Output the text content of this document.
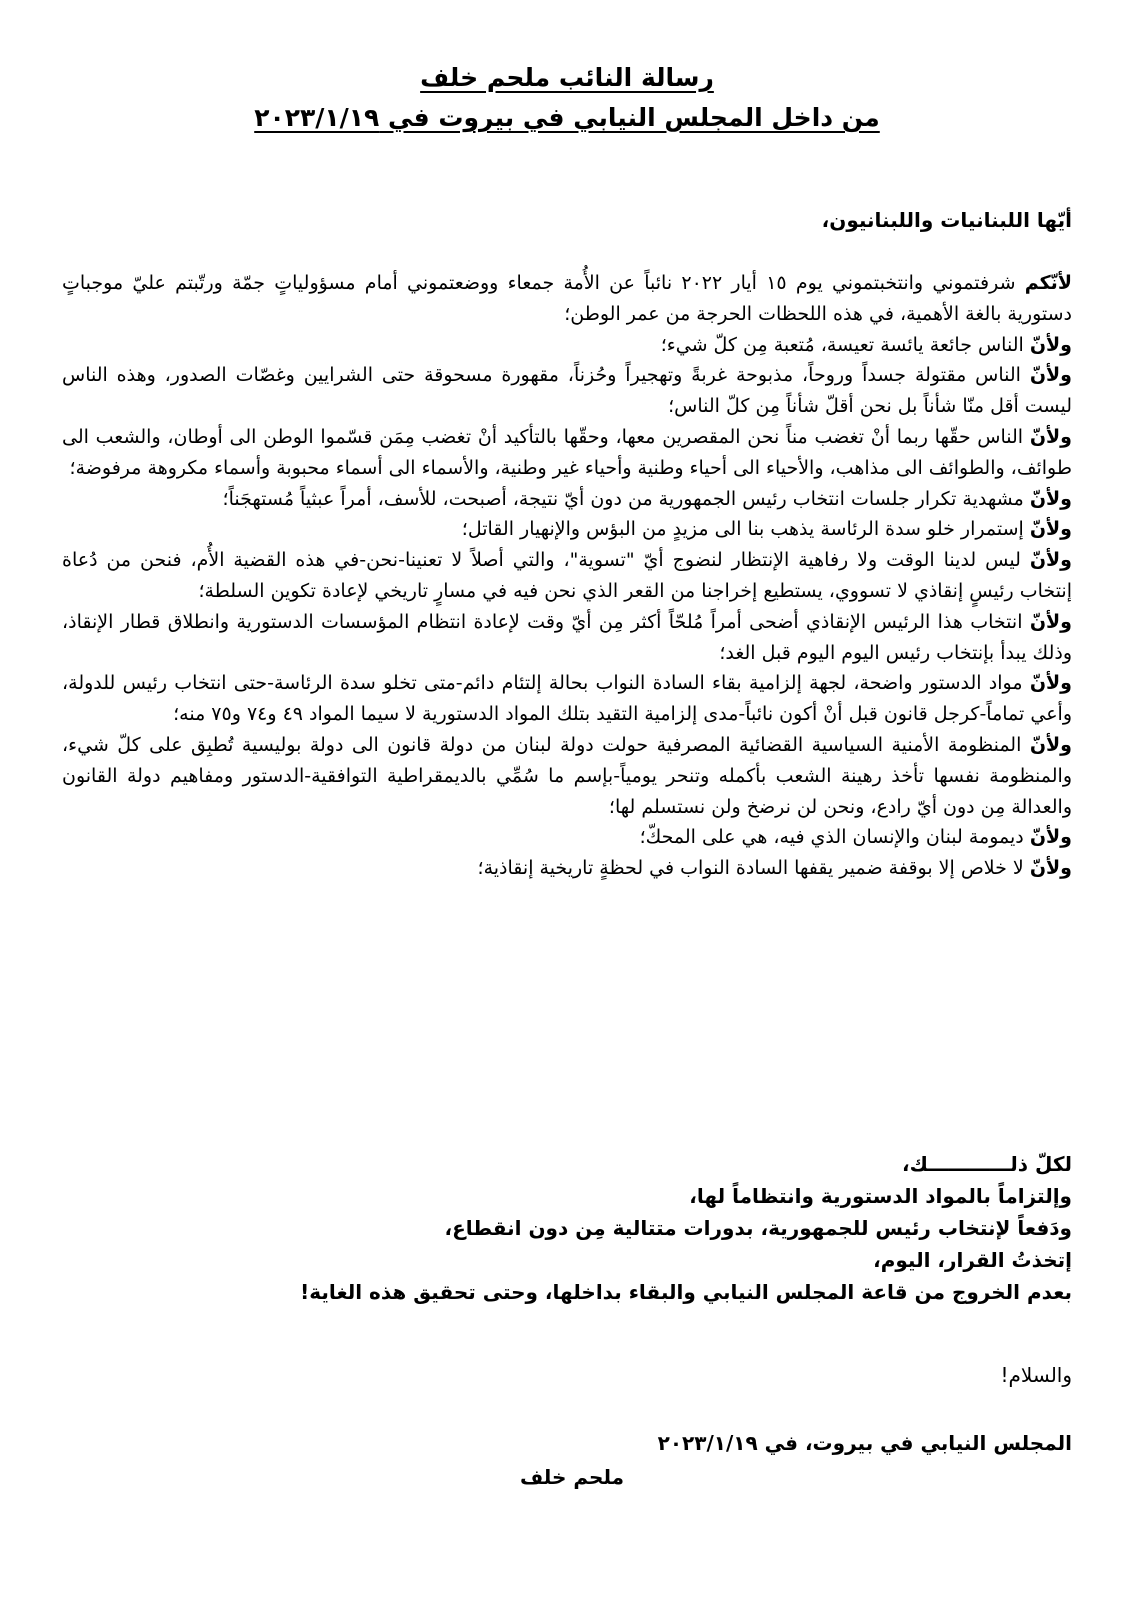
رسالة النائب ملحم خلف
من داخل المجلس النيابي في بيروت في ٢٠٢٣/١/١٩
أيّها اللبنانيات واللبنانيون،

لأنّكم شرفتموني وانتخبتموني يوم ١٥ أيار ٢٠٢٢ نائباً عن الأُمة جمعاء ووضعتموني أمام مسؤولياتٍ جمّة ورتّبتم عليّ موجباتٍ دستورية بالغة الأهمية، في هذه اللحظات الحرجة من عمر الوطن؛

ولأنّ الناس جائعة يائسة تعيسة، مُتعبة مِن كلّ شيء؛

ولأنّ الناس مقتولة جسداً وروحاً، مذبوحة غربةً وتهجيراً وحُزناً، مقهورة مسحوقة حتى الشرايين وغصّات الصدور، وهذه الناس ليست أقل منّا شأناً بل نحن أقلّ شأناً مِن كلّ الناس؛

ولأنّ الناس حقّها ربما أنْ تغضب مناً نحن المقصرين معها، وحقّها بالتأكيد أنْ تغضب مِمَن قسّموا الوطن الى أوطان، والشعب الى طوائف، والطوائف الى مذاهب، والأحياء الى أحياء وطنية وأحياء غير وطنية، والأسماء الى أسماء محبوبة وأسماء مكروهة مرفوضة؛

ولأنّ مشهدية تكرار جلسات انتخاب رئيس الجمهورية من دون أيّ نتيجة، أصبحت، للأسف، أمراً عبثياً مُستهجَناً؛

ولأنّ إستمرار خلو سدة الرئاسة يذهب بنا الى مزيدٍ من البؤس والإنهيار القاتل؛

ولأنّ ليس لدينا الوقت ولا رفاهية الإنتظار لنضوج أيّ "تسوية"، والتي أصلاً لا تعنينا-نحن-في هذه القضية الأُم، فنحن من دُعاة إنتخاب رئيسٍ إنقاذي لا تسووي، يستطيع إخراجنا من القعر الذي نحن فيه في مسارٍ تاريخي لإعادة تكوين السلطة؛

ولأنّ انتخاب هذا الرئيس الإنقاذي أضحى أمراً مُلحّاً أكثر مِن أيّ وقت لإعادة انتظام المؤسسات الدستورية وانطلاق قطار الإنقاذ، وذلك يبدأ بإنتخاب رئيس اليوم اليوم قبل الغد؛

ولأنّ مواد الدستور واضحة، لجهة إلزامية بقاء السادة النواب بحالة إلتئام دائم-متى تخلو سدة الرئاسة-حتى انتخاب رئيس للدولة، وأعي تماماً-كرجل قانون قبل أنْ أكون نائباً-مدى إلزامية التقيد بتلك المواد الدستورية لا سيما المواد ٤٩ و٧٤ و٧٥ منه؛

ولأنّ المنظومة الأمنية السياسية القضائية المصرفية حولت دولة لبنان من دولة قانون الى دولة بوليسية تُطبِق على كلّ شيء، والمنظومة نفسها تأخذ رهينة الشعب بأكمله وتنحر يومياً-بإسم ما سُمِّي بالديمقراطية التوافقية-الدستور ومفاهيم دولة القانون والعدالة مِن دون أيّ رادع، ونحن لن نرضخ ولن نستسلم لها؛

ولأنّ ديمومة لبنان والإنسان الذي فيه، هي على المحكّ؛

ولأنّ لا خلاص إلا بوقفة ضمير يقفها السادة النواب في لحظةٍ تاريخية إنقاذية؛

لكلّ ذلــــــــــــك،
وإلتزاماً بالمواد الدستورية وانتظاماً لها،
ودَفعاً لإنتخاب رئيس للجمهورية، بدورات متتالية مِن دون انقطاع،
إتخذتُ القرار، اليوم،
بعدم الخروج من قاعة المجلس النيابي والبقاء بداخلها، وحتى تحقيق هذه الغاية!
والسلام!
المجلس النيابي في بيروت، في ٢٠٢٣/١/١٩
ملحم خلف
